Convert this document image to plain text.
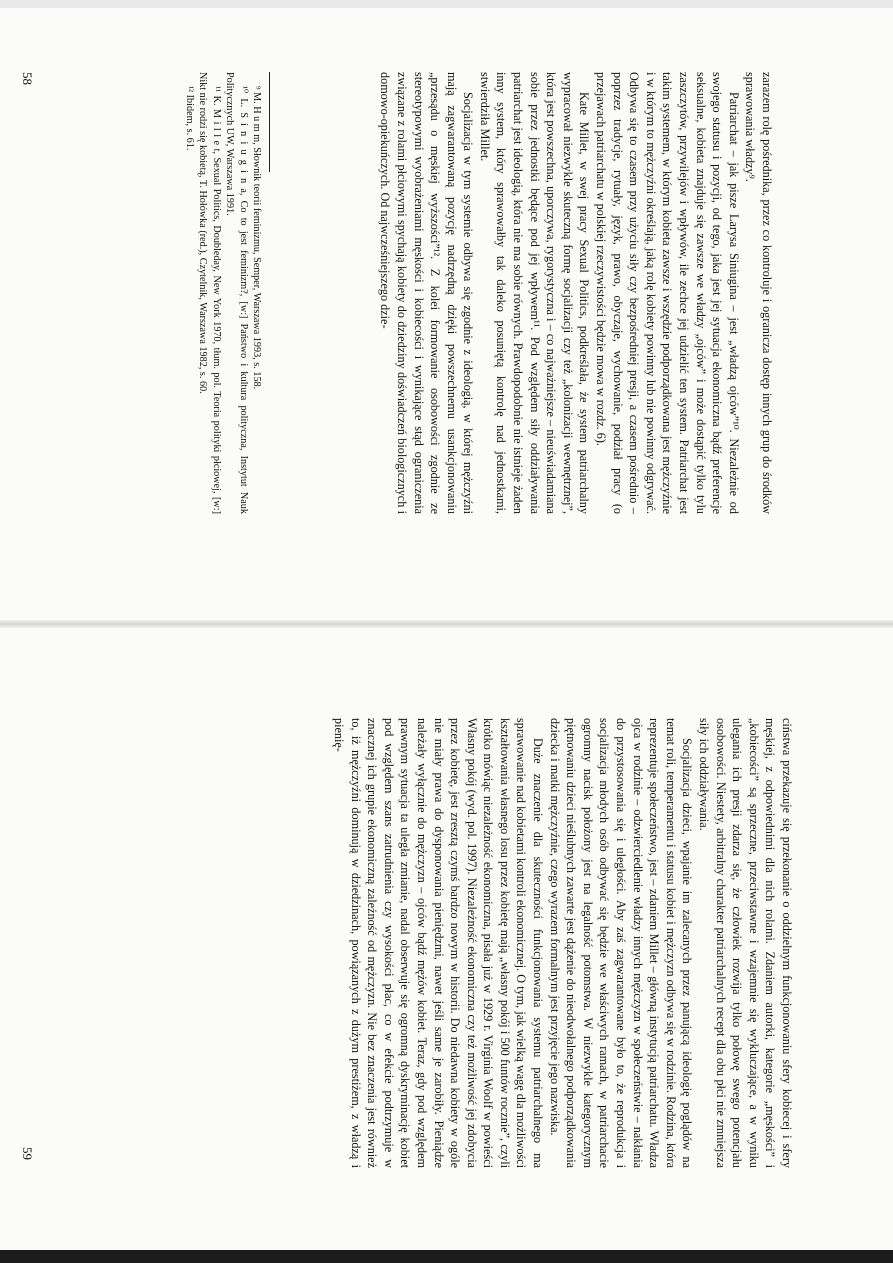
zarazem rolę pośrednika, przez co kontroluje i ogranicza dostęp innych grup do środków sprawowania władzy⁹.

Patriarchat – jak pisze Larysa Siniugina – jest „władzą ojców”¹⁰. Niezależnie od swojego statusu i pozycji, od tego, jaka jest jej sytuacja ekonomiczna bądź preferencje seksualne, kobieta znajduje się zawsze we władzy „ojców” i może dostąpić tylko tylu zaszczytów, przywilejów i wpływów, ile zechce jej udzielić ten system. Patriarchat jest takim systemem, w którym kobieta zawsze i wszędzie podporządkowana jest mężczyźnie i w którym to mężczyźni określają, jaką rolę kobiety powinny lub nie powinny odgrywać. Odbywa się to czasem przy użyciu siły czy bezpośredniej presji, a czasem pośrednio – poprzez tradycje, rytuały, język, prawo, obyczaje, wychowanie, podział pracy (o przejawach patriarchatu w polskiej rzeczywistości będzie mowa w rozdz. 6).

Kate Millet, w swej pracy Sexual Politics, podkreślała, że system patriarchalny wypracował niezwykle skuteczną formę socjalizacji czy też „kolonizacji wewnętrznej”, która jest powszechna, uporczywa, rygorystyczna i – co najważniejsze – nieuświadamiana sobie przez jednostki będące pod jej wpływem¹¹. Pod względem siły oddziaływania patriarchat jest ideologią, która nie ma sobie równych. Prawdopodobnie nie istnieje żaden inny system, który sprawowałby tak daleko posuniętą kontrolę nad jednostkami, stwierdziła Millet.

Socjalizacja w tym systemie odbywa się zgodnie z ideologią, w której mężczyźni mają zagwarantowaną pozycję nadrzędną dzięki powszechnemu usankcjonowaniu „przesądu o męskiej wyższości”¹². Z kolei formowanie osobowości zgodnie ze stereotypowymi wyobrażeniami męskości i kobiecości i wynikające stąd ograniczenia związane z rolami płciowymi spychają kobiety do dziedziny doświadczeń biologicznych i domowo-opiekuńczych. Od najwcześniejszego dzie-

⁹ M. H u m m, Słownik teorii feminizmu, Semper, Warszawa 1993, s. 158.

¹⁰ L. S i n i u g i n a, Co to jest feminizm?, [w:] Państwo i kultura polityczna, Instytut Nauk Politycznych UW, Warszawa 1991.

¹¹ K. M i l l e t, Sexual Politics, Doubleday, New York 1970, tłum. pol. Teoria polityki płciowej, [w:] Nikt nie rodzi się kobietą, T. Hołówka (red.), Czytelnik, Warszawa 1982, s. 60.

¹² Ibidem, s. 61.

58

ciństwa przekazuje się przekonanie o oddzielnym funkcjonowaniu sfery kobiecej i sfery męskiej, z odpowiednimi dla nich rolami. Zdaniem autorki, kategorie „męskości” i „kobiecości” są sprzeczne, przeciwstawne i wzajemnie się wykluczające, a w wyniku ulegania ich presji zdarza się, że człowiek rozwija tylko połowę swego potencjału osobowości. Niestety, arbitralny charakter patriarchalnych recept dla obu płci nie zmniejsza siły ich oddziaływania.

Socjalizacja dzieci, wpajanie im zalecanych przez panującą ideologię poglądów na temat roli, temperamentu i statusu kobiet i mężczyzn odbywa się w rodzinie. Rodzina, która reprezentuje społeczeństwo, jest – zdaniem Millet – główną instytucją patriarchatu. Władza ojca w rodzinie – odzwierciedlenie władzy innych mężczyzn w społeczeństwie – nakłania do przystosowania się i uległości. Aby zaś zagwarantowane było to, że reprodukcja i socjalizacja młodych osób odbywać się będzie we właściwych ramach, w patriarchacie ogromny nacisk położony jest na legalność potomstwa. W niezwykle kategorycznym piętnowaniu dzieci nieślubnych zawarte jest dążenie do nieodwołalnego podporządkowania dziecka i matki mężczyźnie, czego wyrazem formalnym jest przyjęcie jego nazwiska.

Duże znaczenie dla skuteczności funkcjonowania systemu patriarchalnego ma sprawowanie nad kobietami kontroli ekonomicznej. O tym, jak wielką wagę dla możliwości kształtowania własnego losu przez kobietę mają „własny pokój i 500 funtów rocznie”, czyli krótko mówiąc niezależność ekonomiczna, pisała już w 1929 r. Virginia Woolf w powieści Własny pokój (wyd. pol. 1997). Niezależność ekonomiczna czy też możliwość jej zdobycia przez kobietę, jest zresztą czymś bardzo nowym w historii. Do niedawna kobiety w ogóle nie miały prawa do dysponowania pieniędzmi, nawet jeśli same je zarobiły. Pieniądze należały wyłącznie do mężczyzn – ojców bądź mężów kobiet. Teraz, gdy pod względem prawnym sytuacja ta uległa zmianie, nadal obserwuje się ogromną dyskryminację kobiet pod względem szans zatrudnienia czy wysokości płac, co w efekcie podtrzymuje w znacznej ich grupie ekonomiczną zależność od mężczyzn. Nie bez znaczenia jest również to, iż mężczyźni dominują w dziedzinach, powiązanych z dużym prestiżem, z władzą i pienię-

59
